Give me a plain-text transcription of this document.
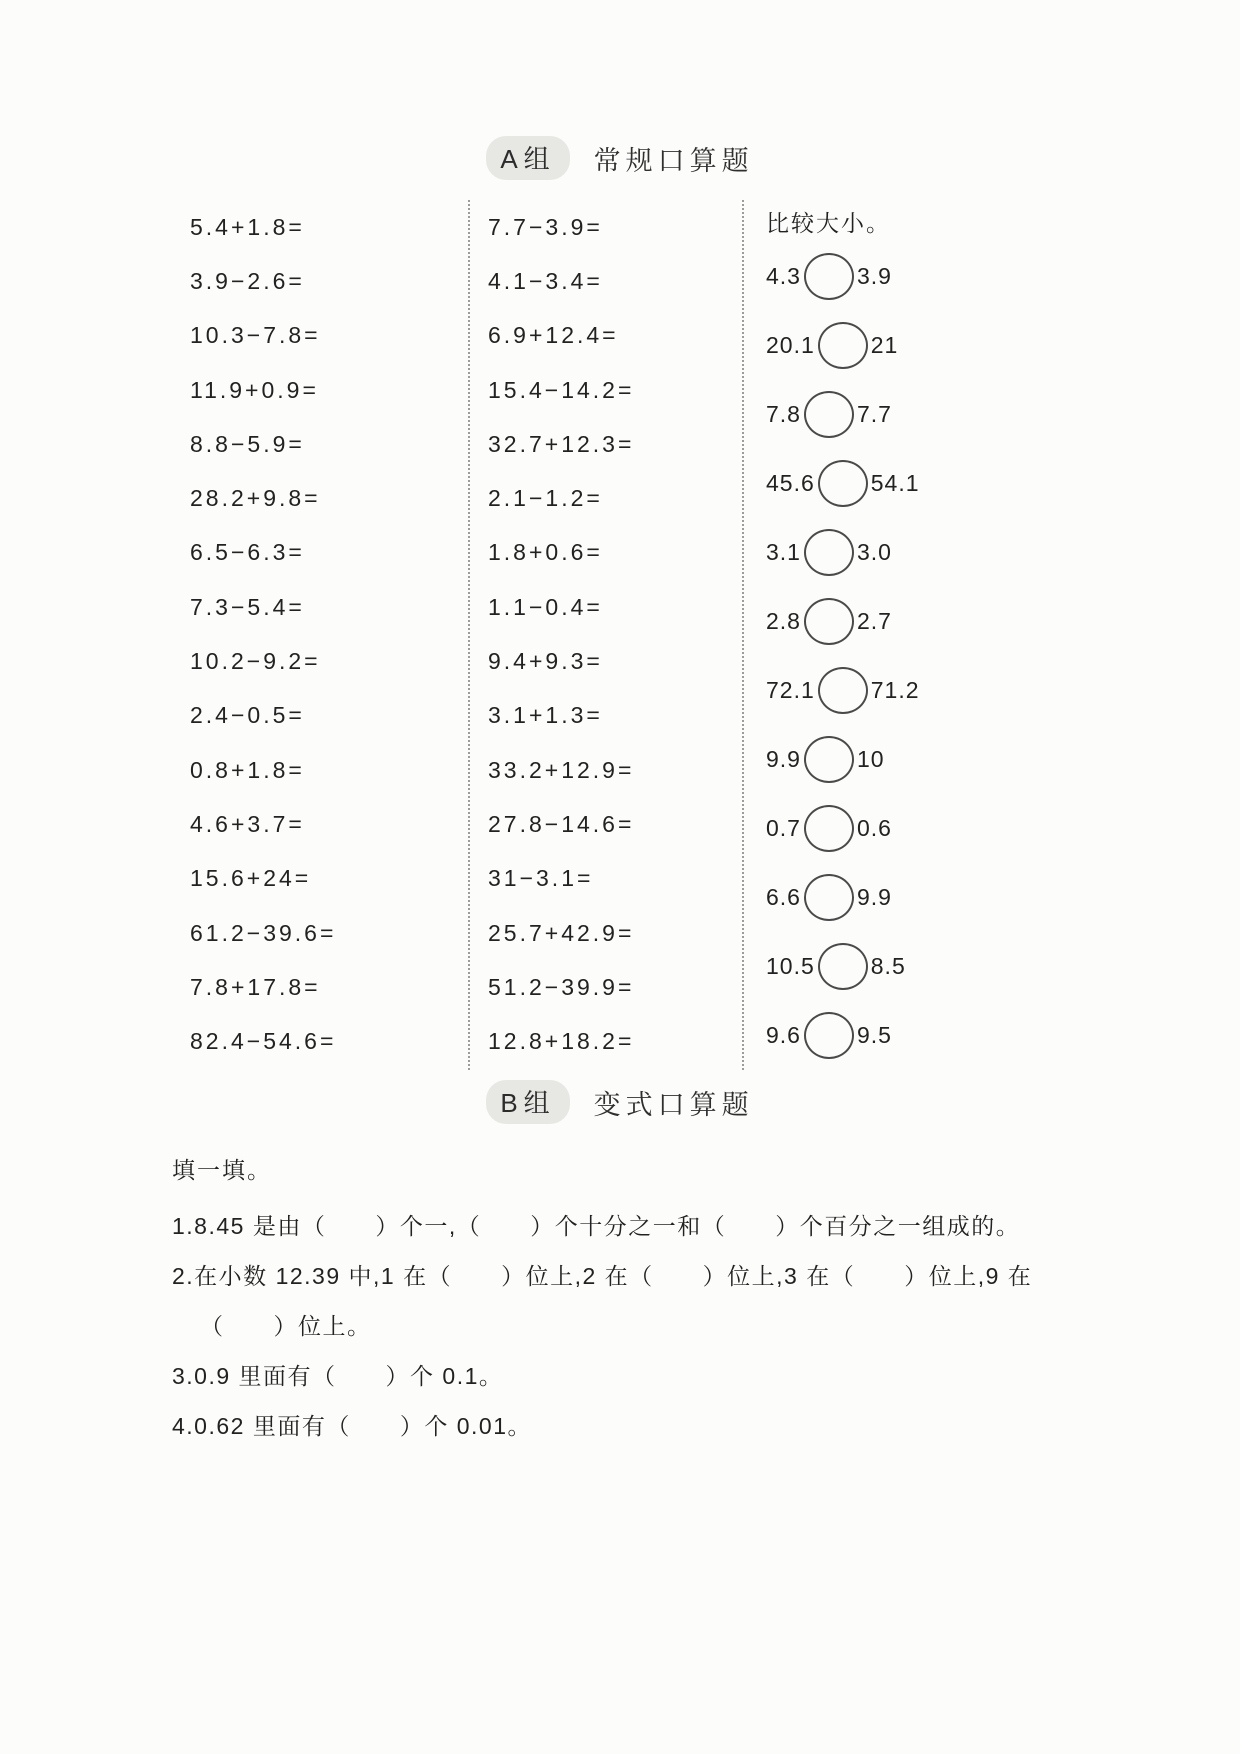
A组	常规口算题
5.4+1.8=
3.9−2.6=
10.3−7.8=
11.9+0.9=
8.8−5.9=
28.2+9.8=
6.5−6.3=
7.3−5.4=
10.2−9.2=
2.4−0.5=
0.8+1.8=
4.6+3.7=
15.6+24=
61.2−39.6=
7.8+17.8=
82.4−54.6=
7.7−3.9=
4.1−3.4=
6.9+12.4=
15.4−14.2=
32.7+12.3=
2.1−1.2=
1.8+0.6=
1.1−0.4=
9.4+9.3=
3.1+1.3=
33.2+12.9=
27.8−14.6=
31−3.1=
25.7+42.9=
51.2−39.9=
12.8+18.2=
比较大小。
4.3 3.9
20.1 21
7.8 7.7
45.6 54.1
3.1 3.0
2.8 2.7
72.1 71.2
9.9 10
0.7 0.6
6.6 9.9
10.5 8.5
9.6 9.5
B组	变式口算题
填一填。
1.8.45 是由（　　）个一,（　　）个十分之一和（　　）个百分之一组成的。
2.在小数 12.39 中,1 在（　　）位上,2 在（　　）位上,3 在（　　）位上,9 在
（　　）位上。
3.0.9 里面有（　　）个 0.1。
4.0.62 里面有（　　）个 0.01。
